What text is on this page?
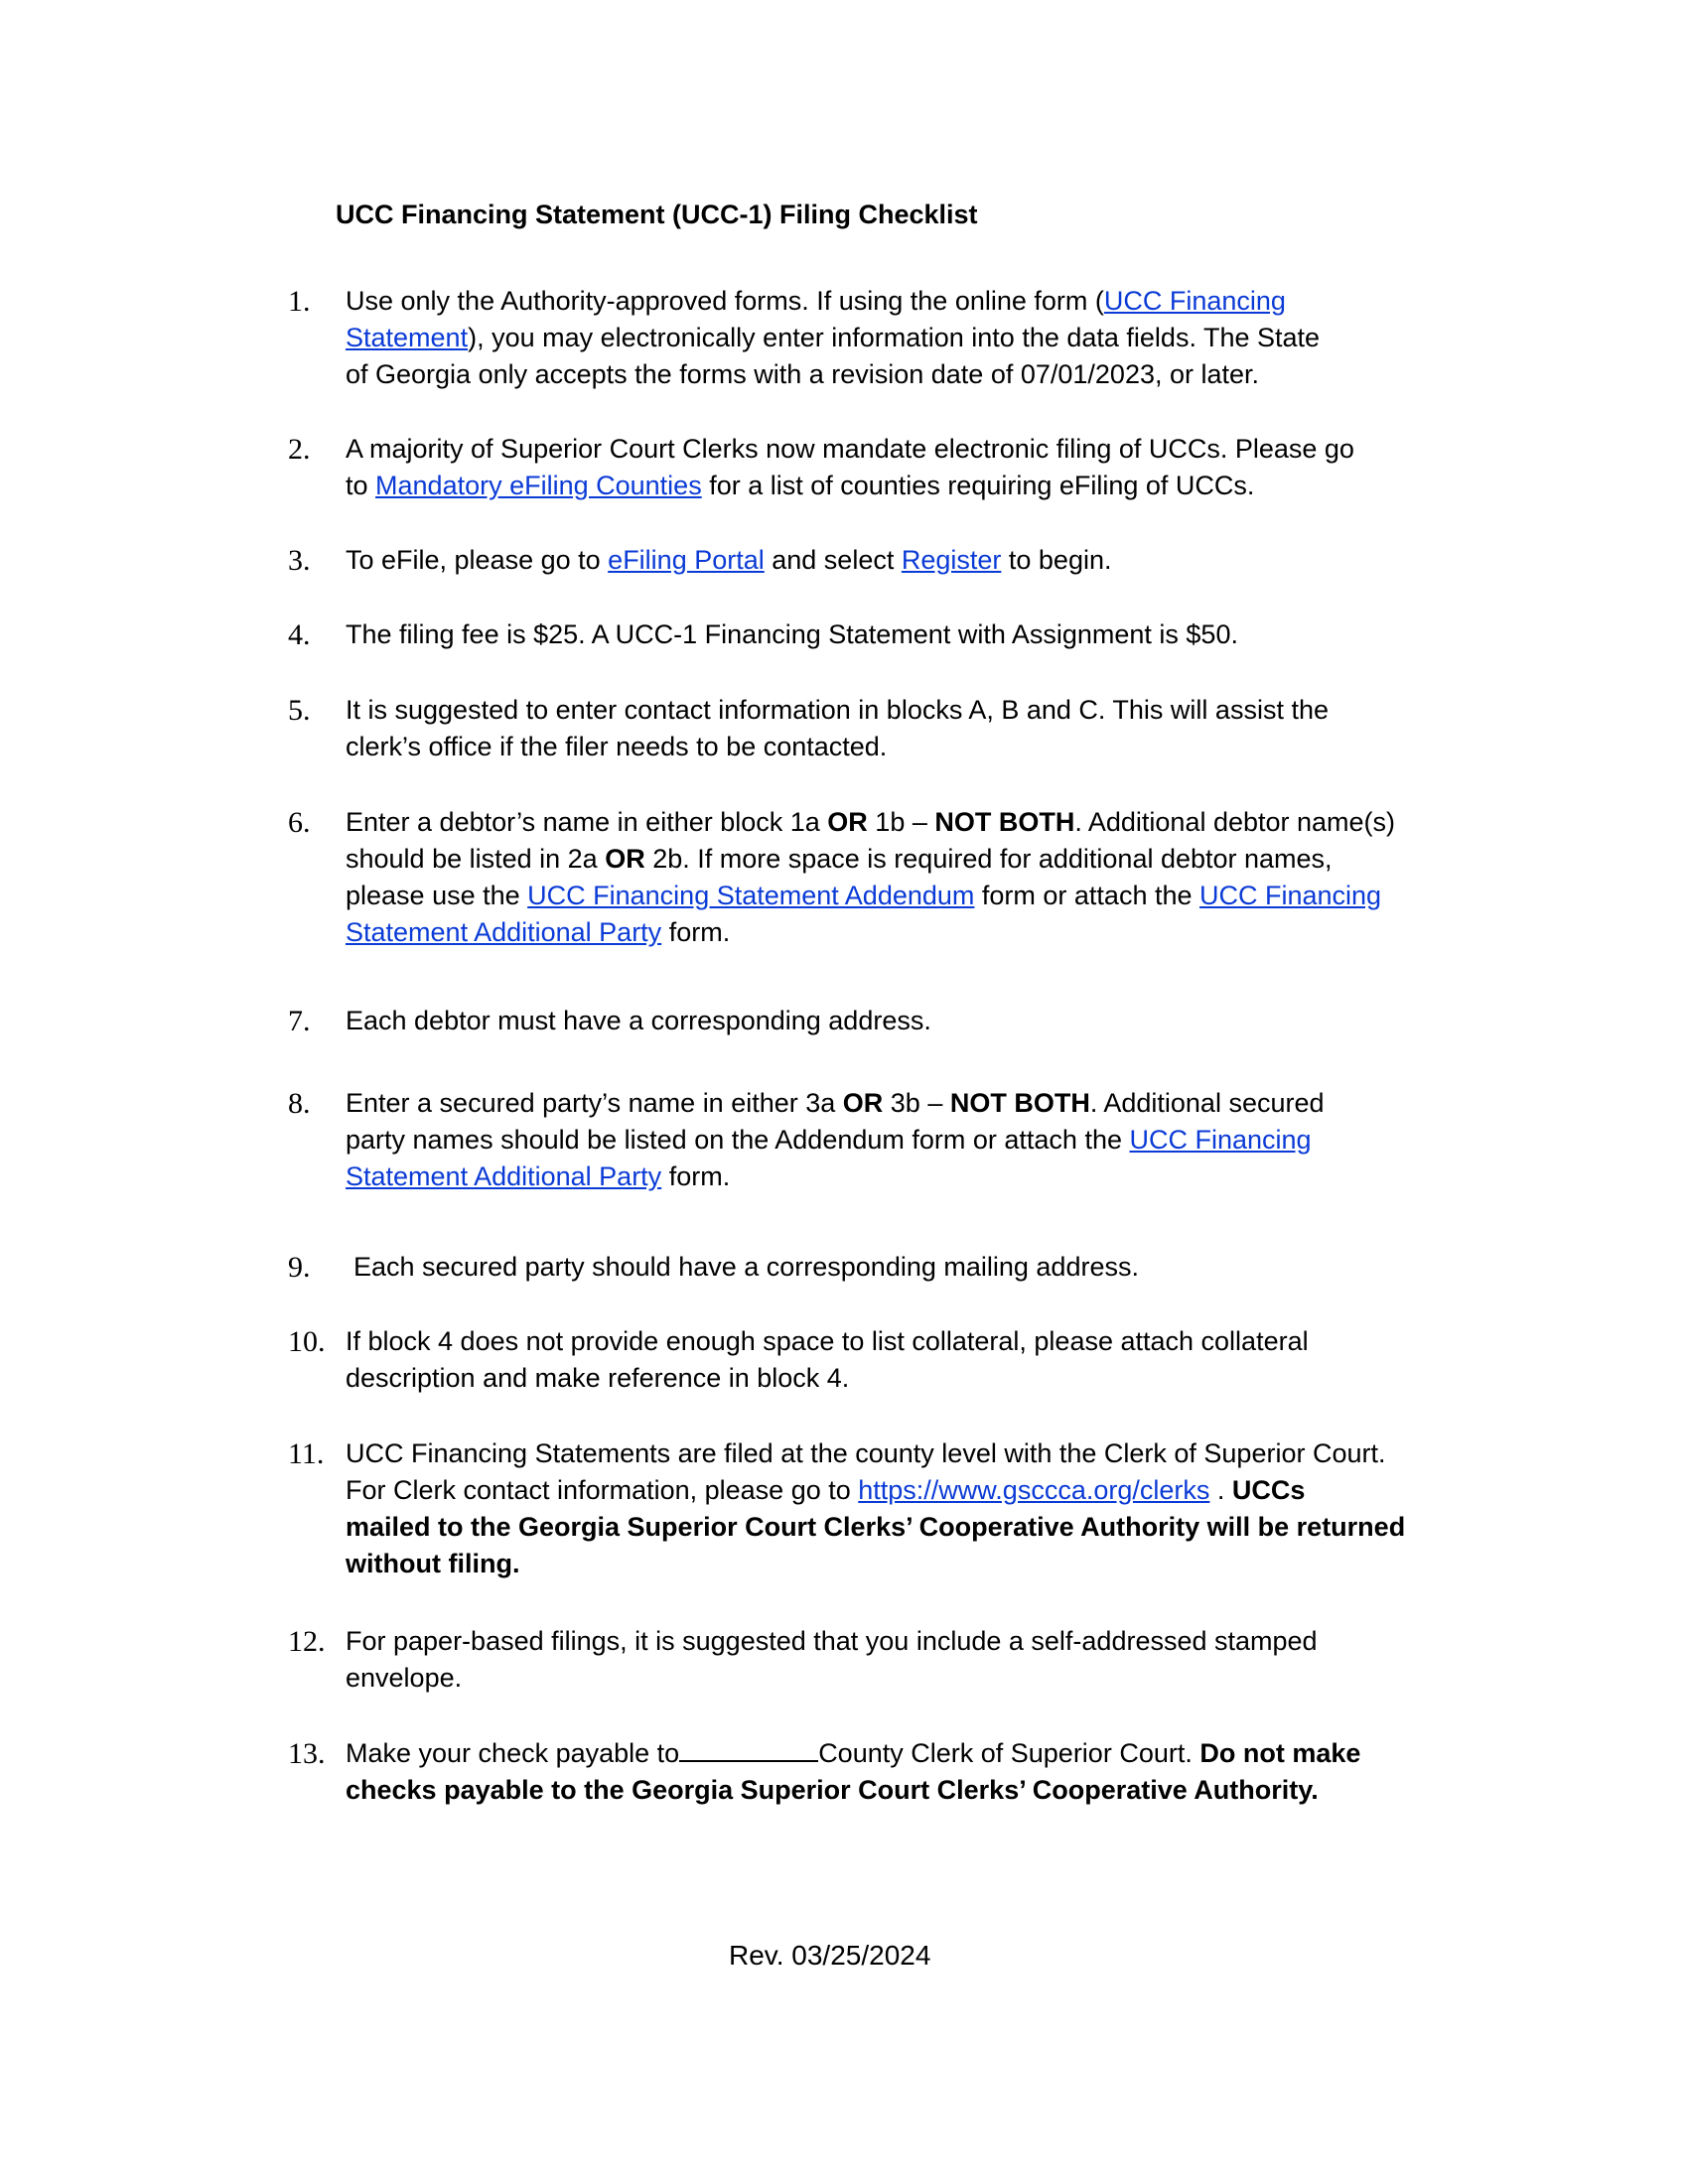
UCC Financing Statement (UCC-1) Filing Checklist
1.	Use only the Authority-approved forms. If using the online form (UCC Financing
Statement), you may electronically enter information into the data fields. The State
of Georgia only accepts the forms with a revision date of 07/01/2023, or later.
2.	A majority of Superior Court Clerks now mandate electronic filing of UCCs. Please go
to Mandatory eFiling Counties for a list of counties requiring eFiling of UCCs.
3.	To eFile, please go to eFiling Portal and select Register to begin.
4.	The filing fee is $25. A UCC-1 Financing Statement with Assignment is $50.
5.	It is suggested to enter contact information in blocks A, B and C. This will assist the
clerk’s office if the filer needs to be contacted.
6.	Enter a debtor’s name in either block 1a OR 1b – NOT BOTH. Additional debtor name(s)
should be listed in 2a OR 2b. If more space is required for additional debtor names,
please use the UCC Financing Statement Addendum form or attach the UCC Financing
Statement Additional Party form.
7.	Each debtor must have a corresponding address.
8.	Enter a secured party’s name in either 3a OR 3b – NOT BOTH. Additional secured
party names should be listed on the Addendum form or attach the UCC Financing
Statement Additional Party form.
9.	Each secured party should have a corresponding mailing address.
10. If block 4 does not provide enough space to list collateral, please attach collateral
description and make reference in block 4.
11. UCC Financing Statements are filed at the county level with the Clerk of Superior Court.
For Clerk contact information, please go to https://www.gsccca.org/clerks . UCCs
mailed to the Georgia Superior Court Clerks’ Cooperative Authority will be returned
without filing.
12. For paper-based filings, it is suggested that you include a self-addressed stamped
envelope.
13. Make your check payable to	County Clerk of Superior Court. Do not make
checks payable to the Georgia Superior Court Clerks’ Cooperative Authority.
Rev. 03/25/2024
